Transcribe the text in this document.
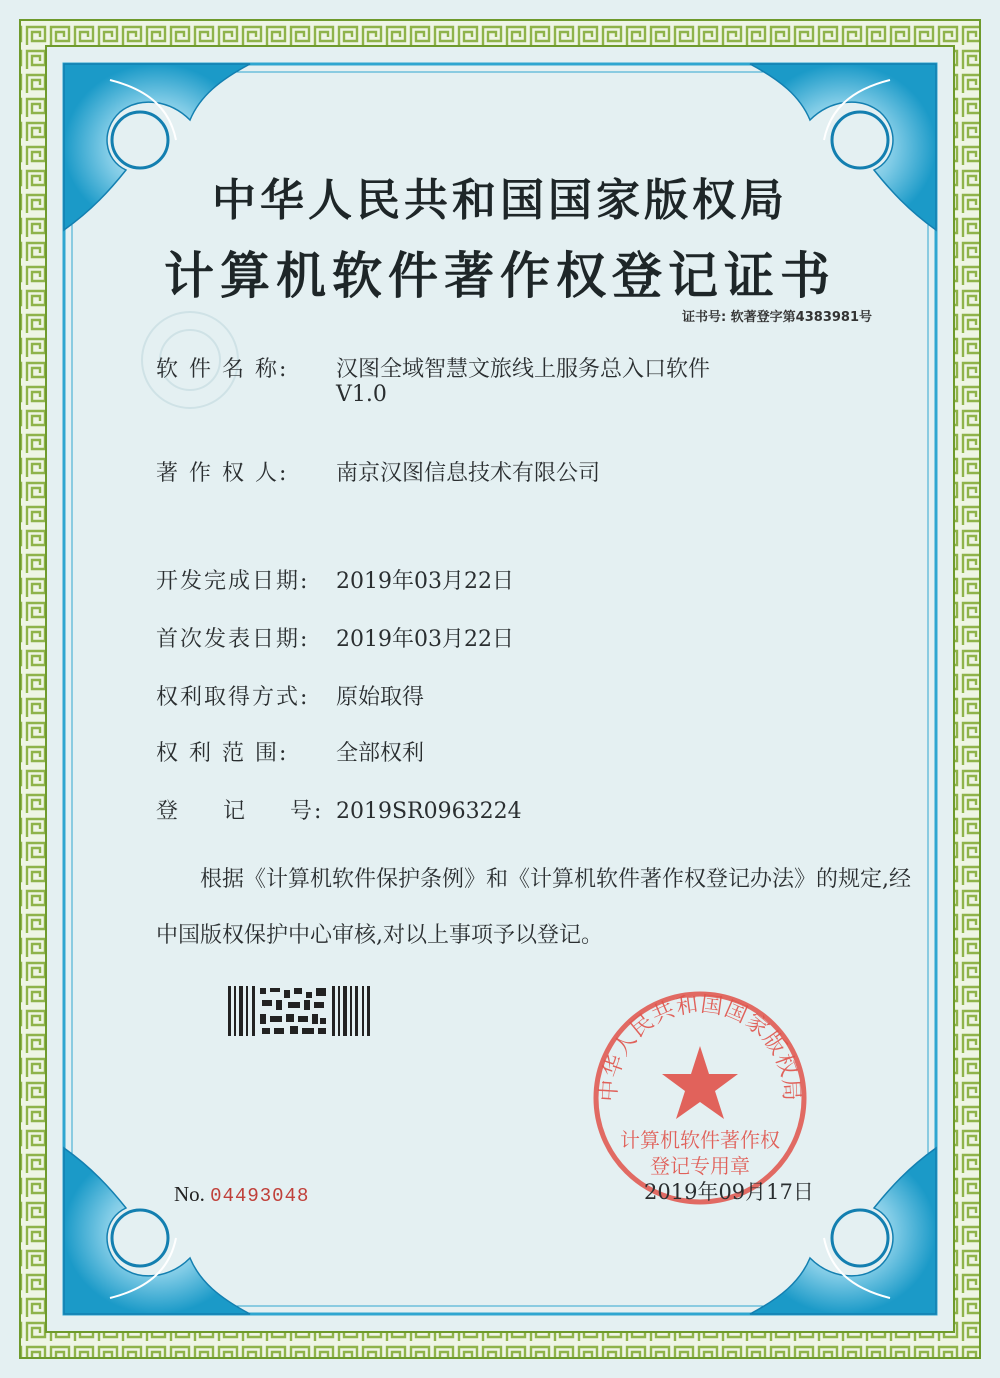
中华人民共和国国家版权局
计算机软件著作权登记证书
证书号: 软著登字第4383981号
软 件 名 称: 汉图全域智慧文旅线上服务总入口软件
V1.0
著 作 权 人: 南京汉图信息技术有限公司
开发完成日期: 2019年03月22日
首次发表日期: 2019年03月22日
权利取得方式: 原始取得
权 利 范 围: 全部权利
登 记 号: 2019SR0963224
根据《计算机软件保护条例》和《计算机软件著作权登记办法》的规定,经中国版权保护中心审核,对以上事项予以登记。
中华人民共和国国家版权局
计算机软件著作权
登记专用章
No. 04493048	2019年09月17日
